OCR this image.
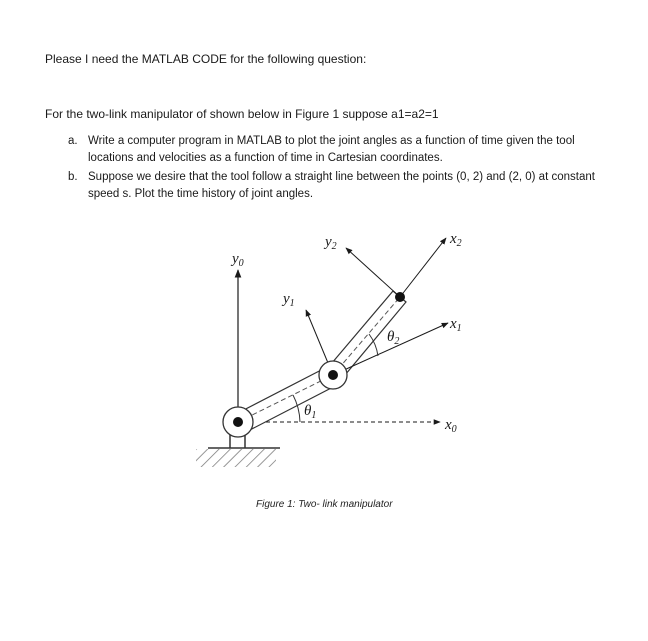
Please I need the MATLAB CODE for the following question:
For the two-link manipulator of shown below in Figure 1 suppose a1=a2=1
a. Write a computer program in MATLAB to plot the joint angles as a function of time given the tool locations and velocities as a function of time in Cartesian coordinates.
b. Suppose we desire that the tool follow a straight line between the points (0, 2) and (2, 0) at constant speed s. Plot the time history of joint angles.
$y_0$
$y_1$
$y_2$
$x_0$
$x_1$
$x_2$
$\theta_1$
$\theta_2$
Figure 1: Two- link manipulator
